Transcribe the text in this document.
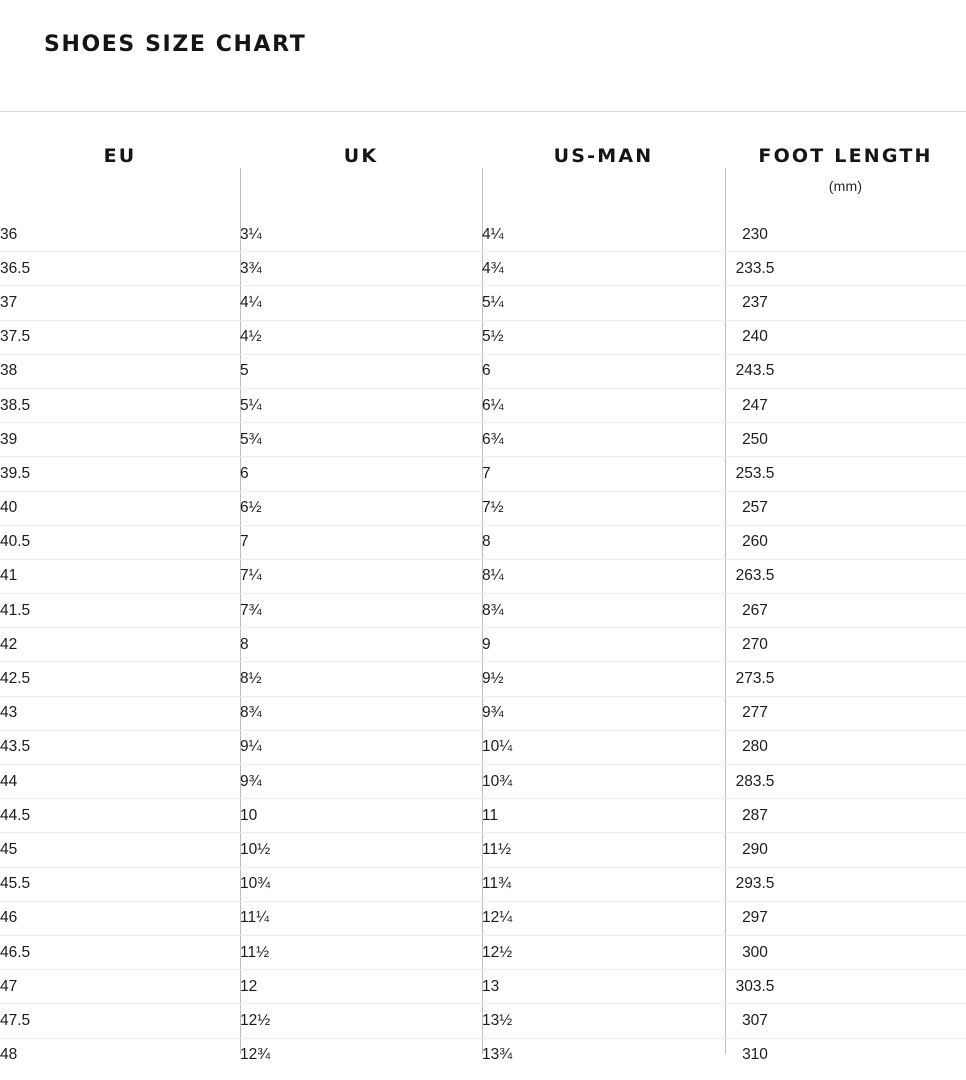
SHOES SIZE CHART
EU	UK	US-MAN	FOOT LENGTH
(mm)

36	3¼	4¼	230
36.5	3¾	4¾	233.5
37	4¼	5¼	237
37.5	4½	5½	240
38	5	6	243.5
38.5	5¼	6¼	247
39	5¾	6¾	250
39.5	6	7	253.5
40	6½	7½	257
40.5	7	8	260
41	7¼	8¼	263.5
41.5	7¾	8¾	267
42	8	9	270
42.5	8½	9½	273.5
43	8¾	9¾	277
43.5	9¼	10¼	280
44	9¾	10¾	283.5
44.5	10	11	287
45	10½	11½	290
45.5	10¾	11¾	293.5
46	11¼	12¼	297
46.5	11½	12½	300
47	12	13	303.5
47.5	12½	13½	307
48	12¾	13¾	310
